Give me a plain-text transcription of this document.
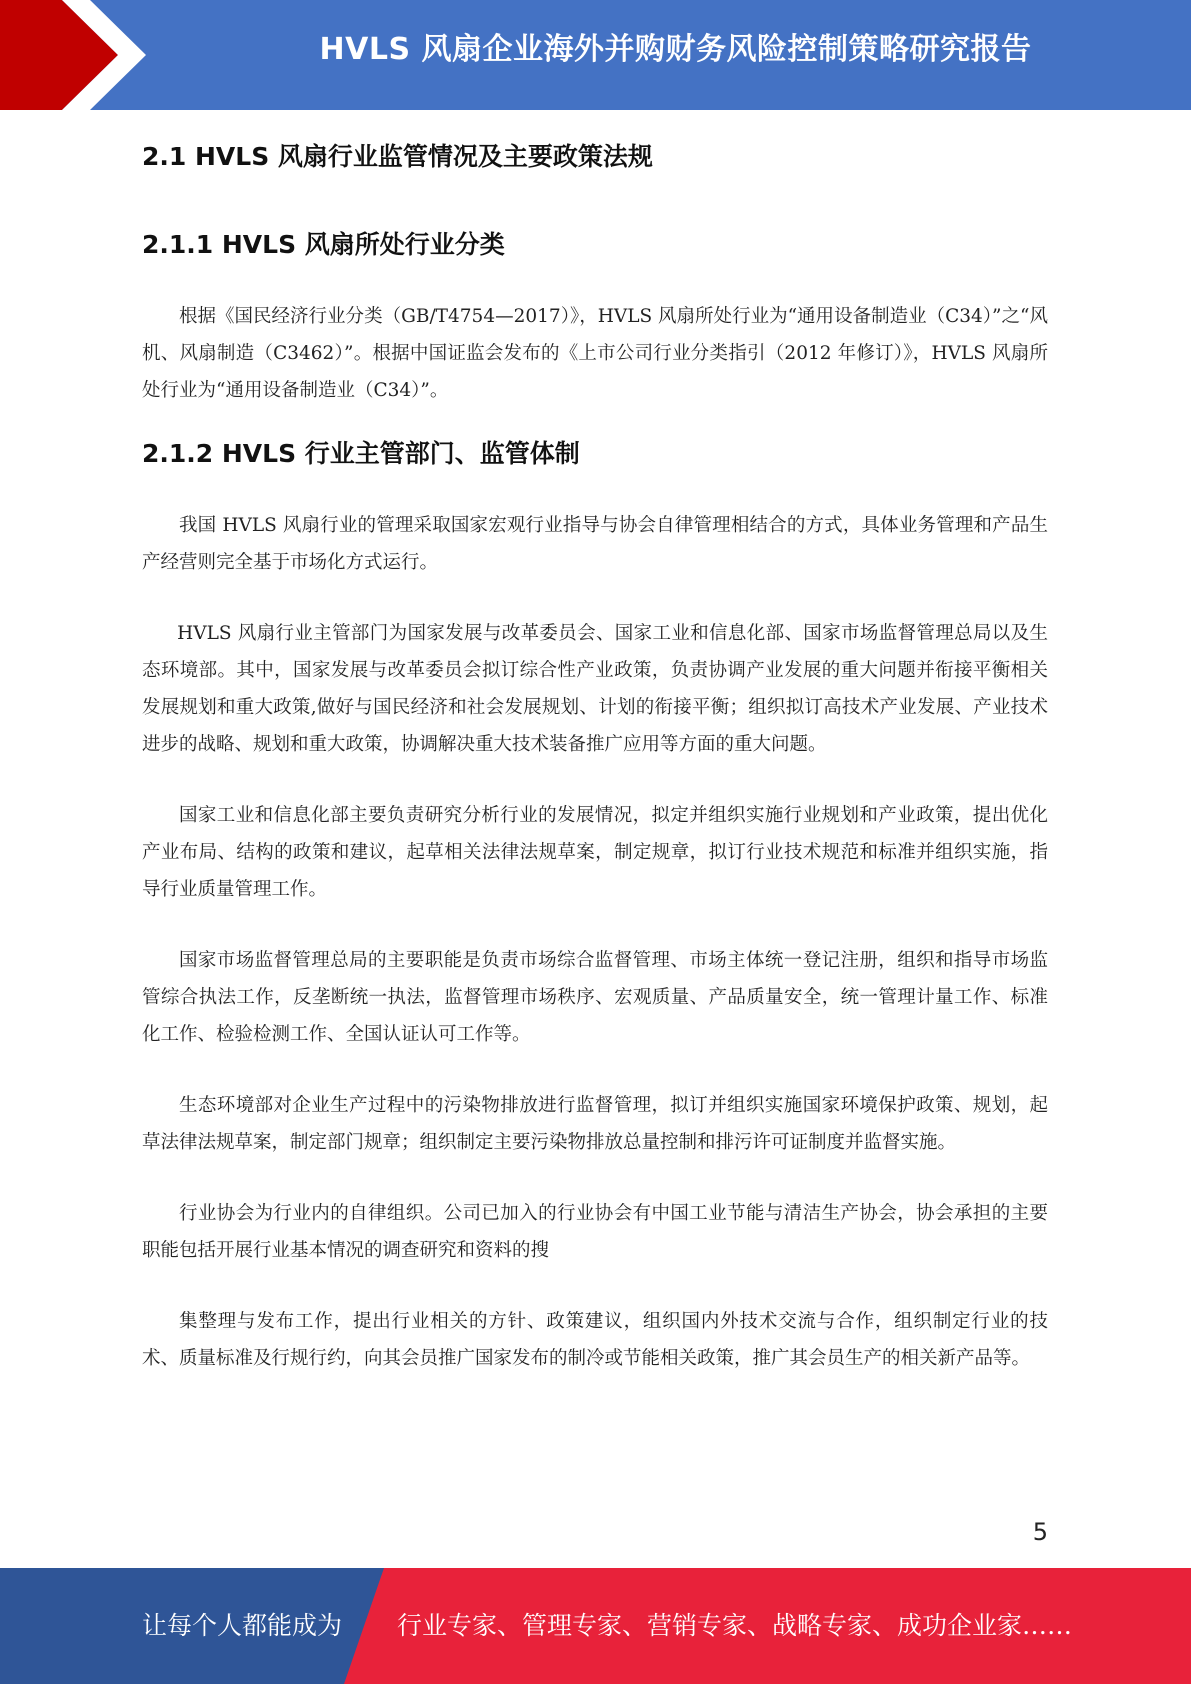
HVLS 风扇企业海外并购财务风险控制策略研究报告
2.1 HVLS 风扇行业监管情况及主要政策法规
2.1.1 HVLS 风扇所处行业分类

根据《国民经济行业分类（GB/T4754—2017）》，HVLS 风扇所处行业为“通用设备制造业（C34）”之“风机、风扇制造（C3462）”。根据中国证监会发布的《上市公司行业分类指引（2012 年修订）》，HVLS 风扇所处行业为“通用设备制造业（C34）”。

2.1.2 HVLS 行业主管部门、监管体制

我国 HVLS 风扇行业的管理采取国家宏观行业指导与协会自律管理相结合的方式，具体业务管理和产品生产经营则完全基于市场化方式运行。

HVLS 风扇行业主管部门为国家发展与改革委员会、国家工业和信息化部、国家市场监督管理总局以及生态环境部。其中，国家发展与改革委员会拟订综合性产业政策，负责协调产业发展的重大问题并衔接平衡相关发展规划和重大政策,做好与国民经济和社会发展规划、计划的衔接平衡；组织拟订高技术产业发展、产业技术进步的战略、规划和重大政策，协调解决重大技术装备推广应用等方面的重大问题。

国家工业和信息化部主要负责研究分析行业的发展情况，拟定并组织实施行业规划和产业政策，提出优化产业布局、结构的政策和建议，起草相关法律法规草案，制定规章，拟订行业技术规范和标准并组织实施，指导行业质量管理工作。

国家市场监督管理总局的主要职能是负责市场综合监督管理、市场主体统一登记注册，组织和指导市场监管综合执法工作，反垄断统一执法，监督管理市场秩序、宏观质量、产品质量安全，统一管理计量工作、标准化工作、检验检测工作、全国认证认可工作等。

生态环境部对企业生产过程中的污染物排放进行监督管理，拟订并组织实施国家环境保护政策、规划，起草法律法规草案，制定部门规章；组织制定主要污染物排放总量控制和排污许可证制度并监督实施。

行业协会为行业内的自律组织。公司已加入的行业协会有中国工业节能与清洁生产协会，协会承担的主要职能包括开展行业基本情况的调查研究和资料的搜

集整理与发布工作，提出行业相关的方针、政策建议，组织国内外技术交流与合作，组织制定行业的技术、质量标准及行规行约，向其会员推广国家发布的制冷或节能相关政策，推广其会员生产的相关新产品等。

5
让每个人都能成为 行业专家、管理专家、营销专家、战略专家、成功企业家……
